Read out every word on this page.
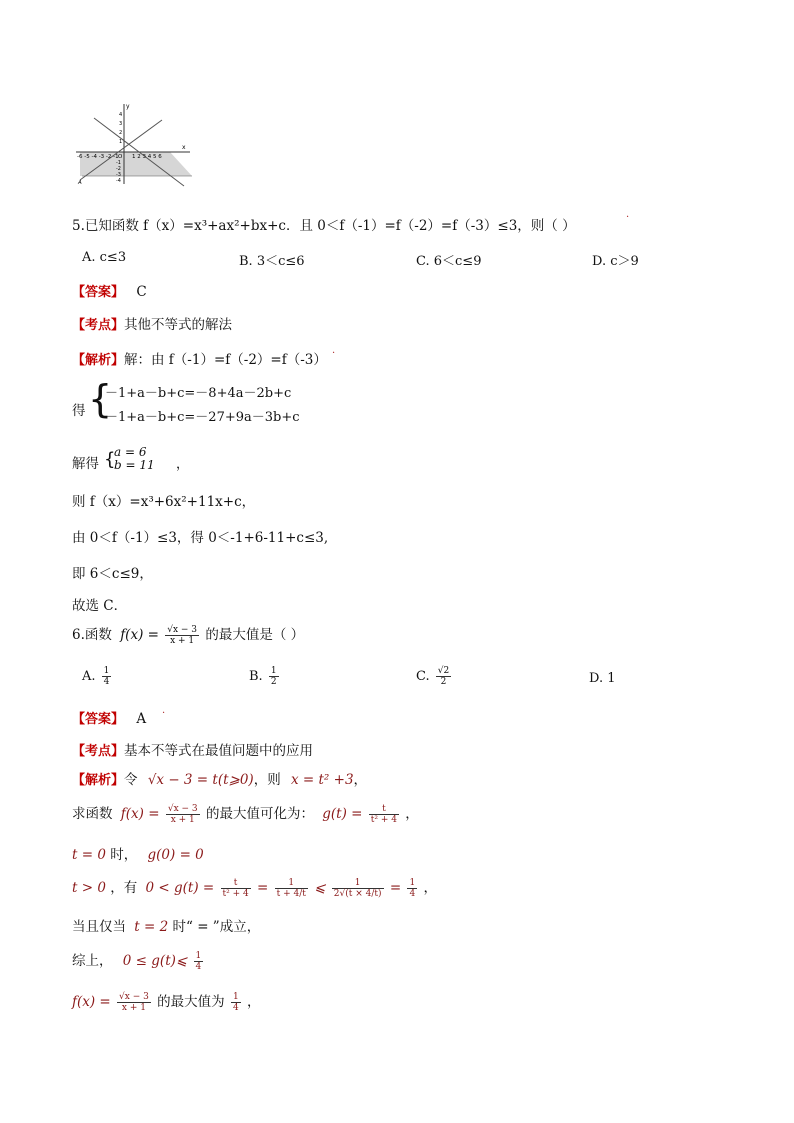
x
y
O
-6 -5 -4 -3 -2 -1 1 2 3 4 5 6
4
3
2
1
-1
-2
-3
-4
A
5.已知函数 f（x）=x³+ax²+bx+c．且 0＜f（-1）=f（-2）=f（-3）≤3，则（ ）
·
A. c≤3	B. 3＜c≤6	C. 6＜c≤9	D. c＞9
【答案】 C
【考点】其他不等式的解法
【解析】解：由 f（-1）=f（-2）=f（-3） ·
得 {
－1+a－b+c=－8+4a－2b+c
－1+a－b+c=－27+9a－3b+c
解得 {
a = 6
b = 11 ，
则 f（x）=x³+6x²+11x+c，
由 0＜f（-1）≤3，得 0＜-1+6-11+c≤3,
即 6＜c≤9，
故选 C．
6.函数 $f(x) = \frac{√x - 3}{x + 1}$ 的最大值是（ ）
A. $\frac{1}{4}$	B. $\frac{1}{2}$	C. $\frac{√2}{2}$	D. 1
【答案】 A ·
【考点】基本不等式在最值问题中的应用
【解析】令 √x − 3 = t(t⩾0)，则 x = t² +3，
求函数 $f(x) = \frac{√x - 3}{x + 1}$ 的最大值可化为： $g(t) = \frac{t}{\text{t² + 4}}$ ，
t = 0 时， g(0) = 0
t > 0 ，有 $0 < g(t) = \frac{t}{\text{t² + 4}} = \frac{1}{t + 4/t}$ ⩽ $\frac{1}{2√(t \times 4/t)} = \frac{1}{4}$ ，
当且仅当 t = 2 时“ = ”成立，
综上， 0 ≤ g(t)⩽ $\frac{1}{4}$
$f(x) = \frac{√x - 3}{x + 1}$ 的最大值为 $\frac{1}{4}$ ，
